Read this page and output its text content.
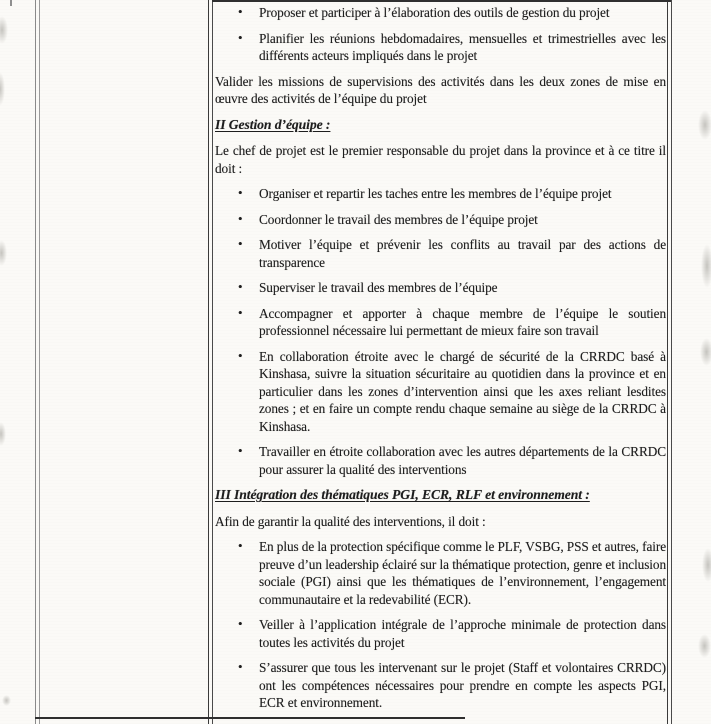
• Proposer et participer à l’élaboration des outils de gestion du projet
• Planifier les réunions hebdomadaires, mensuelles et trimestrielles avec les différents acteurs impliqués dans le projet
Valider les missions de supervisions des activités dans les deux zones de mise en œuvre des activités de l’équipe du projet
II Gestion d’équipe :
Le chef de projet est le premier responsable du projet dans la province et à ce titre il doit :
• Organiser et repartir les taches entre les membres de l’équipe projet
• Coordonner le travail des membres de l’équipe projet
• Motiver l’équipe et prévenir les conflits au travail par des actions de transparence
• Superviser le travail des membres de l’équipe
• Accompagner et apporter à chaque membre de l’équipe le soutien professionnel nécessaire lui permettant de mieux faire son travail
• En collaboration étroite avec le chargé de sécurité de la CRRDC basé à Kinshasa, suivre la situation sécuritaire au quotidien dans la province et en particulier dans les zones d’intervention ainsi que les axes reliant lesdites zones ; et en faire un compte rendu chaque semaine au siège de la CRRDC à Kinshasa.
• Travailler en étroite collaboration avec les autres départements de la CRRDC pour assurer la qualité des interventions
III Intégration des thématiques PGI, ECR, RLF et environnement :
Afin de garantir la qualité des interventions, il doit :
• En plus de la protection spécifique comme le PLF, VSBG, PSS et autres, faire preuve d’un leadership éclairé sur la thématique protection, genre et inclusion sociale (PGI) ainsi que les thématiques de l’environnement, l’engagement communautaire et la redevabilité (ECR).
• Veiller à l’application intégrale de l’approche minimale de protection dans toutes les activités du projet
• S’assurer que tous les intervenant sur le projet (Staff et volontaires CRRDC) ont les compétences nécessaires pour prendre en compte les aspects PGI, ECR et environnement.
